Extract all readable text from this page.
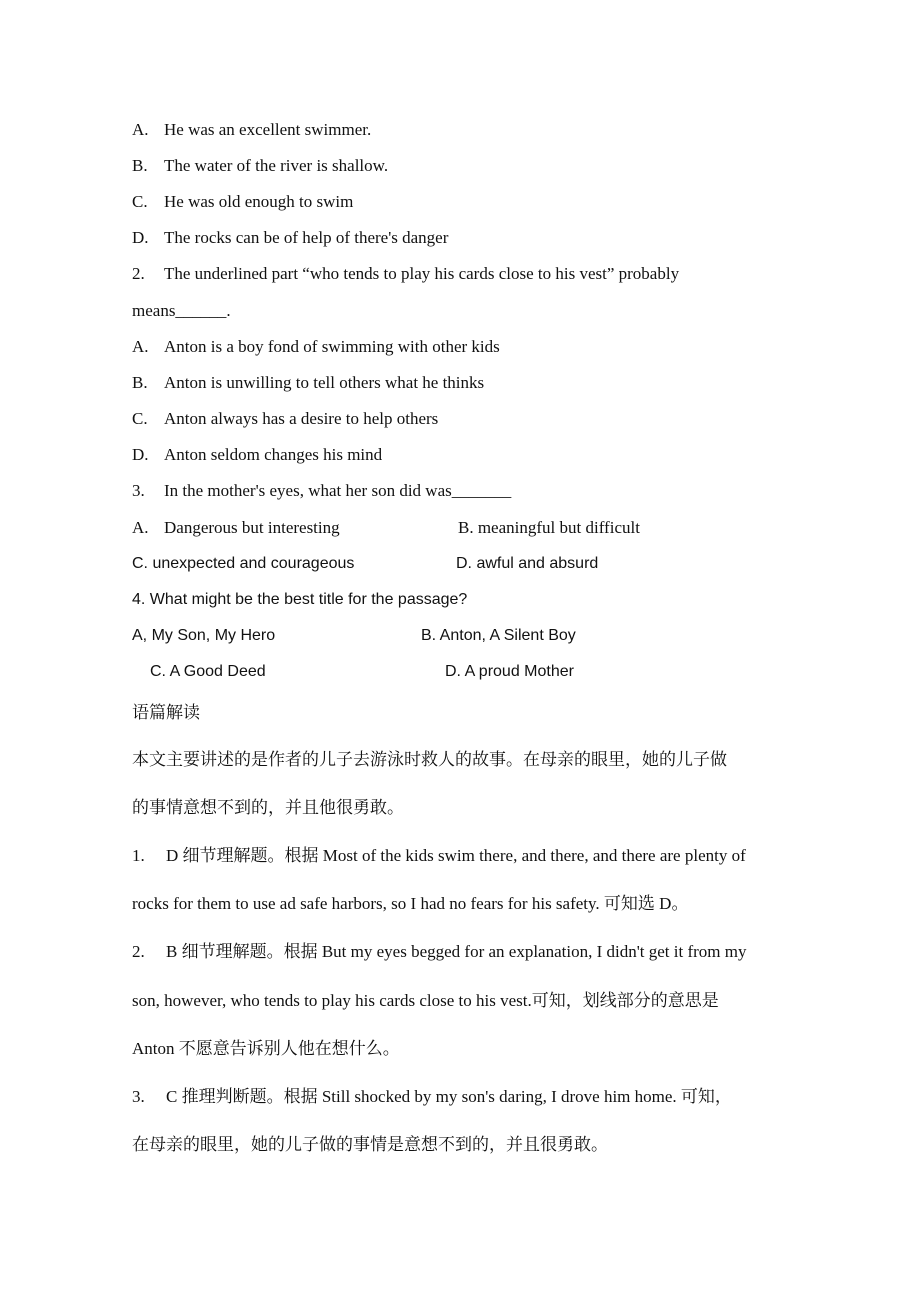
A. He was an excellent swimmer.
B. The water of the river is shallow.
C. He was old enough to swim
D. The rocks can be of help of there's danger
2. The underlined part “who tends to play his cards close to his vest” probably
means______.
A. Anton is a boy fond of swimming with other kids
B. Anton is unwilling to tell others what he thinks
C. Anton always has a desire to help others
D. Anton seldom changes his mind
3. In the mother's eyes, what her son did was_______
A. Dangerous but interesting	B. meaningful but difficult
C. unexpected and courageous	D. awful and absurd
4. What might be the best title for the passage?
A, My Son, My Hero	B. Anton, A Silent Boy
C. A Good Deed	D. A proud Mother
语篇解读
本文主要讲述的是作者的儿子去游泳时救人的故事。在母亲的眼里，她的儿子做
的事情意想不到的，并且他很勇敢。
1. D 细节理解题。根据 Most of the kids swim there, and there, and there are plenty of
rocks for them to use ad safe harbors, so I had no fears for his safety. 可知选 D。
2. B 细节理解题。根据 But my eyes begged for an explanation, I didn't get it from my
son, however, who tends to play his cards close to his vest.可知，划线部分的意思是
Anton 不愿意告诉别人他在想什么。
3. C 推理判断题。根据 Still shocked by my son's daring, I drove him home. 可知，
在母亲的眼里，她的儿子做的事情是意想不到的，并且很勇敢。
